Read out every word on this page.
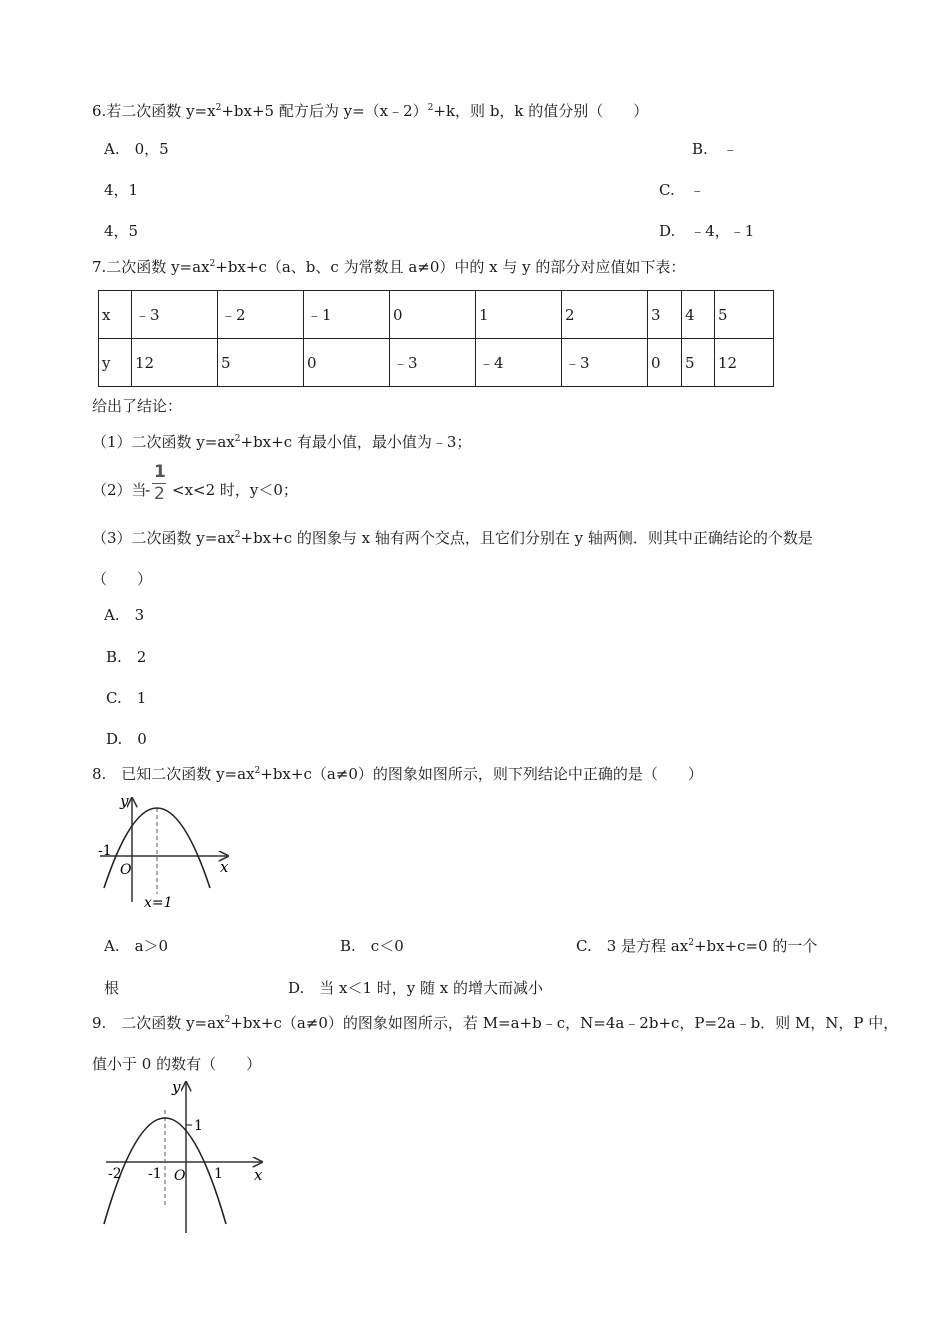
6.若二次函数 $y=x^2+bx+5$ 配方后为 y=（x﹣2）$^2$+k，则 b，k 的值分别（　　）
A.　0，5	B.　﹣
4，1	C.　﹣
4，5	D.　﹣4，﹣1
7.二次函数 $y=ax^2+bx+c(a$、b、c 为常数且 a≠0）中的 x 与 y 的部分对应值如下表：
x	﹣3	﹣2	﹣1	0	1	2	3	4	5
y	12	5	0	﹣3	﹣4	﹣3	0	5	12
给出了结论：
（1）二次函数 $y=ax^2+bx+c$ 有最小值，最小值为﹣3；
（2）当
-
1
2 <x<2 时，y＜0；
（3）二次函数 $y=ax^2+bx+c$ 的图象与 x 轴有两个交点，且它们分别在 y 轴两侧．则其中正确结论的个数是
（　　）
A.　3
B.　2
C.　1
D.　0
8.　已知二次函数 $y=ax^2+bx+c(a\ne 0)$的图象如图所示，则下列结论中正确的是（　　）
y
x
O
-1
x=1
A.　a＞0	B.　c＜0	C.　3 是方程 $ax^2+bx+c=0$ 的一个
根	D.　当 x＜1 时，y 随 x 的增大而减小
9.　二次函数 $y=ax^2+bx+c(a\ne 0)$的图象如图所示，若 M=a+b﹣c，N=4a﹣2b+c，P=2a﹣b．则 M，N，P 中，
值小于 0 的数有（　　）
y
x
1
-2 -1 O 1
